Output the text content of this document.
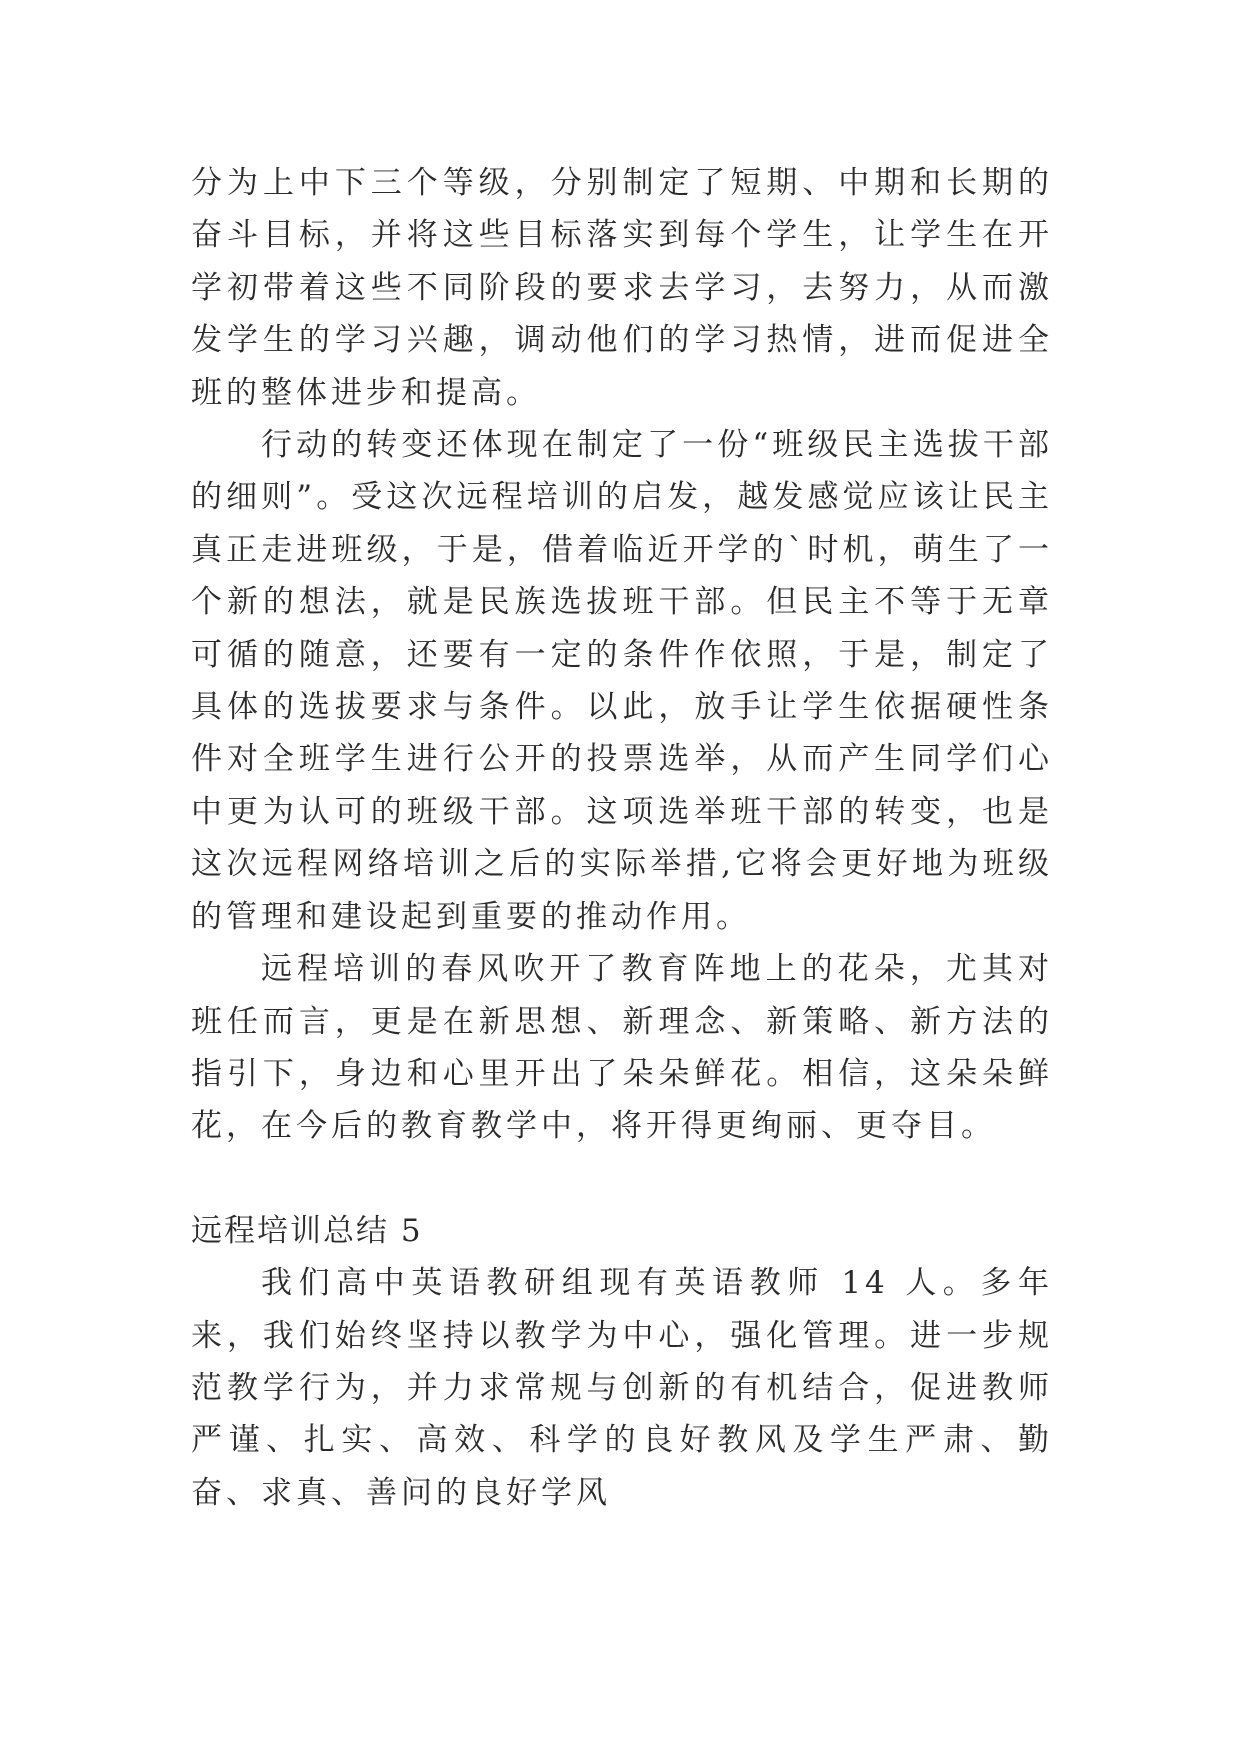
分为上中下三个等级，分别制定了短期、中期和长期的奋斗目标，并将这些目标落实到每个学生，让学生在开学初带着这些不同阶段的要求去学习，去努力，从而激发学生的学习兴趣，调动他们的学习热情，进而促进全班的整体进步和提高。

行动的转变还体现在制定了一份“班级民主选拔干部的细则”。受这次远程培训的启发，越发感觉应该让民主真正走进班级，于是，借着临近开学的`时机，萌生了一个新的想法，就是民族选拔班干部。但民主不等于无章可循的随意，还要有一定的条件作依照，于是，制定了具体的选拔要求与条件。以此，放手让学生依据硬性条件对全班学生进行公开的投票选举，从而产生同学们心中更为认可的班级干部。这项选举班干部的转变，也是这次远程网络培训之后的实际举措,它将会更好地为班级的管理和建设起到重要的推动作用。

远程培训的春风吹开了教育阵地上的花朵，尤其对班任而言，更是在新思想、新理念、新策略、新方法的指引下，身边和心里开出了朵朵鲜花。相信，这朵朵鲜花，在今后的教育教学中，将开得更绚丽、更夺目。

远程培训总结 5

我们高中英语教研组现有英语教师 14 人。多年来，我们始终坚持以教学为中心，强化管理。进一步规范教学行为，并力求常规与创新的有机结合，促进教师严谨、扎实、高效、科学的良好教风及学生严肃、勤奋、求真、善问的良好学风
